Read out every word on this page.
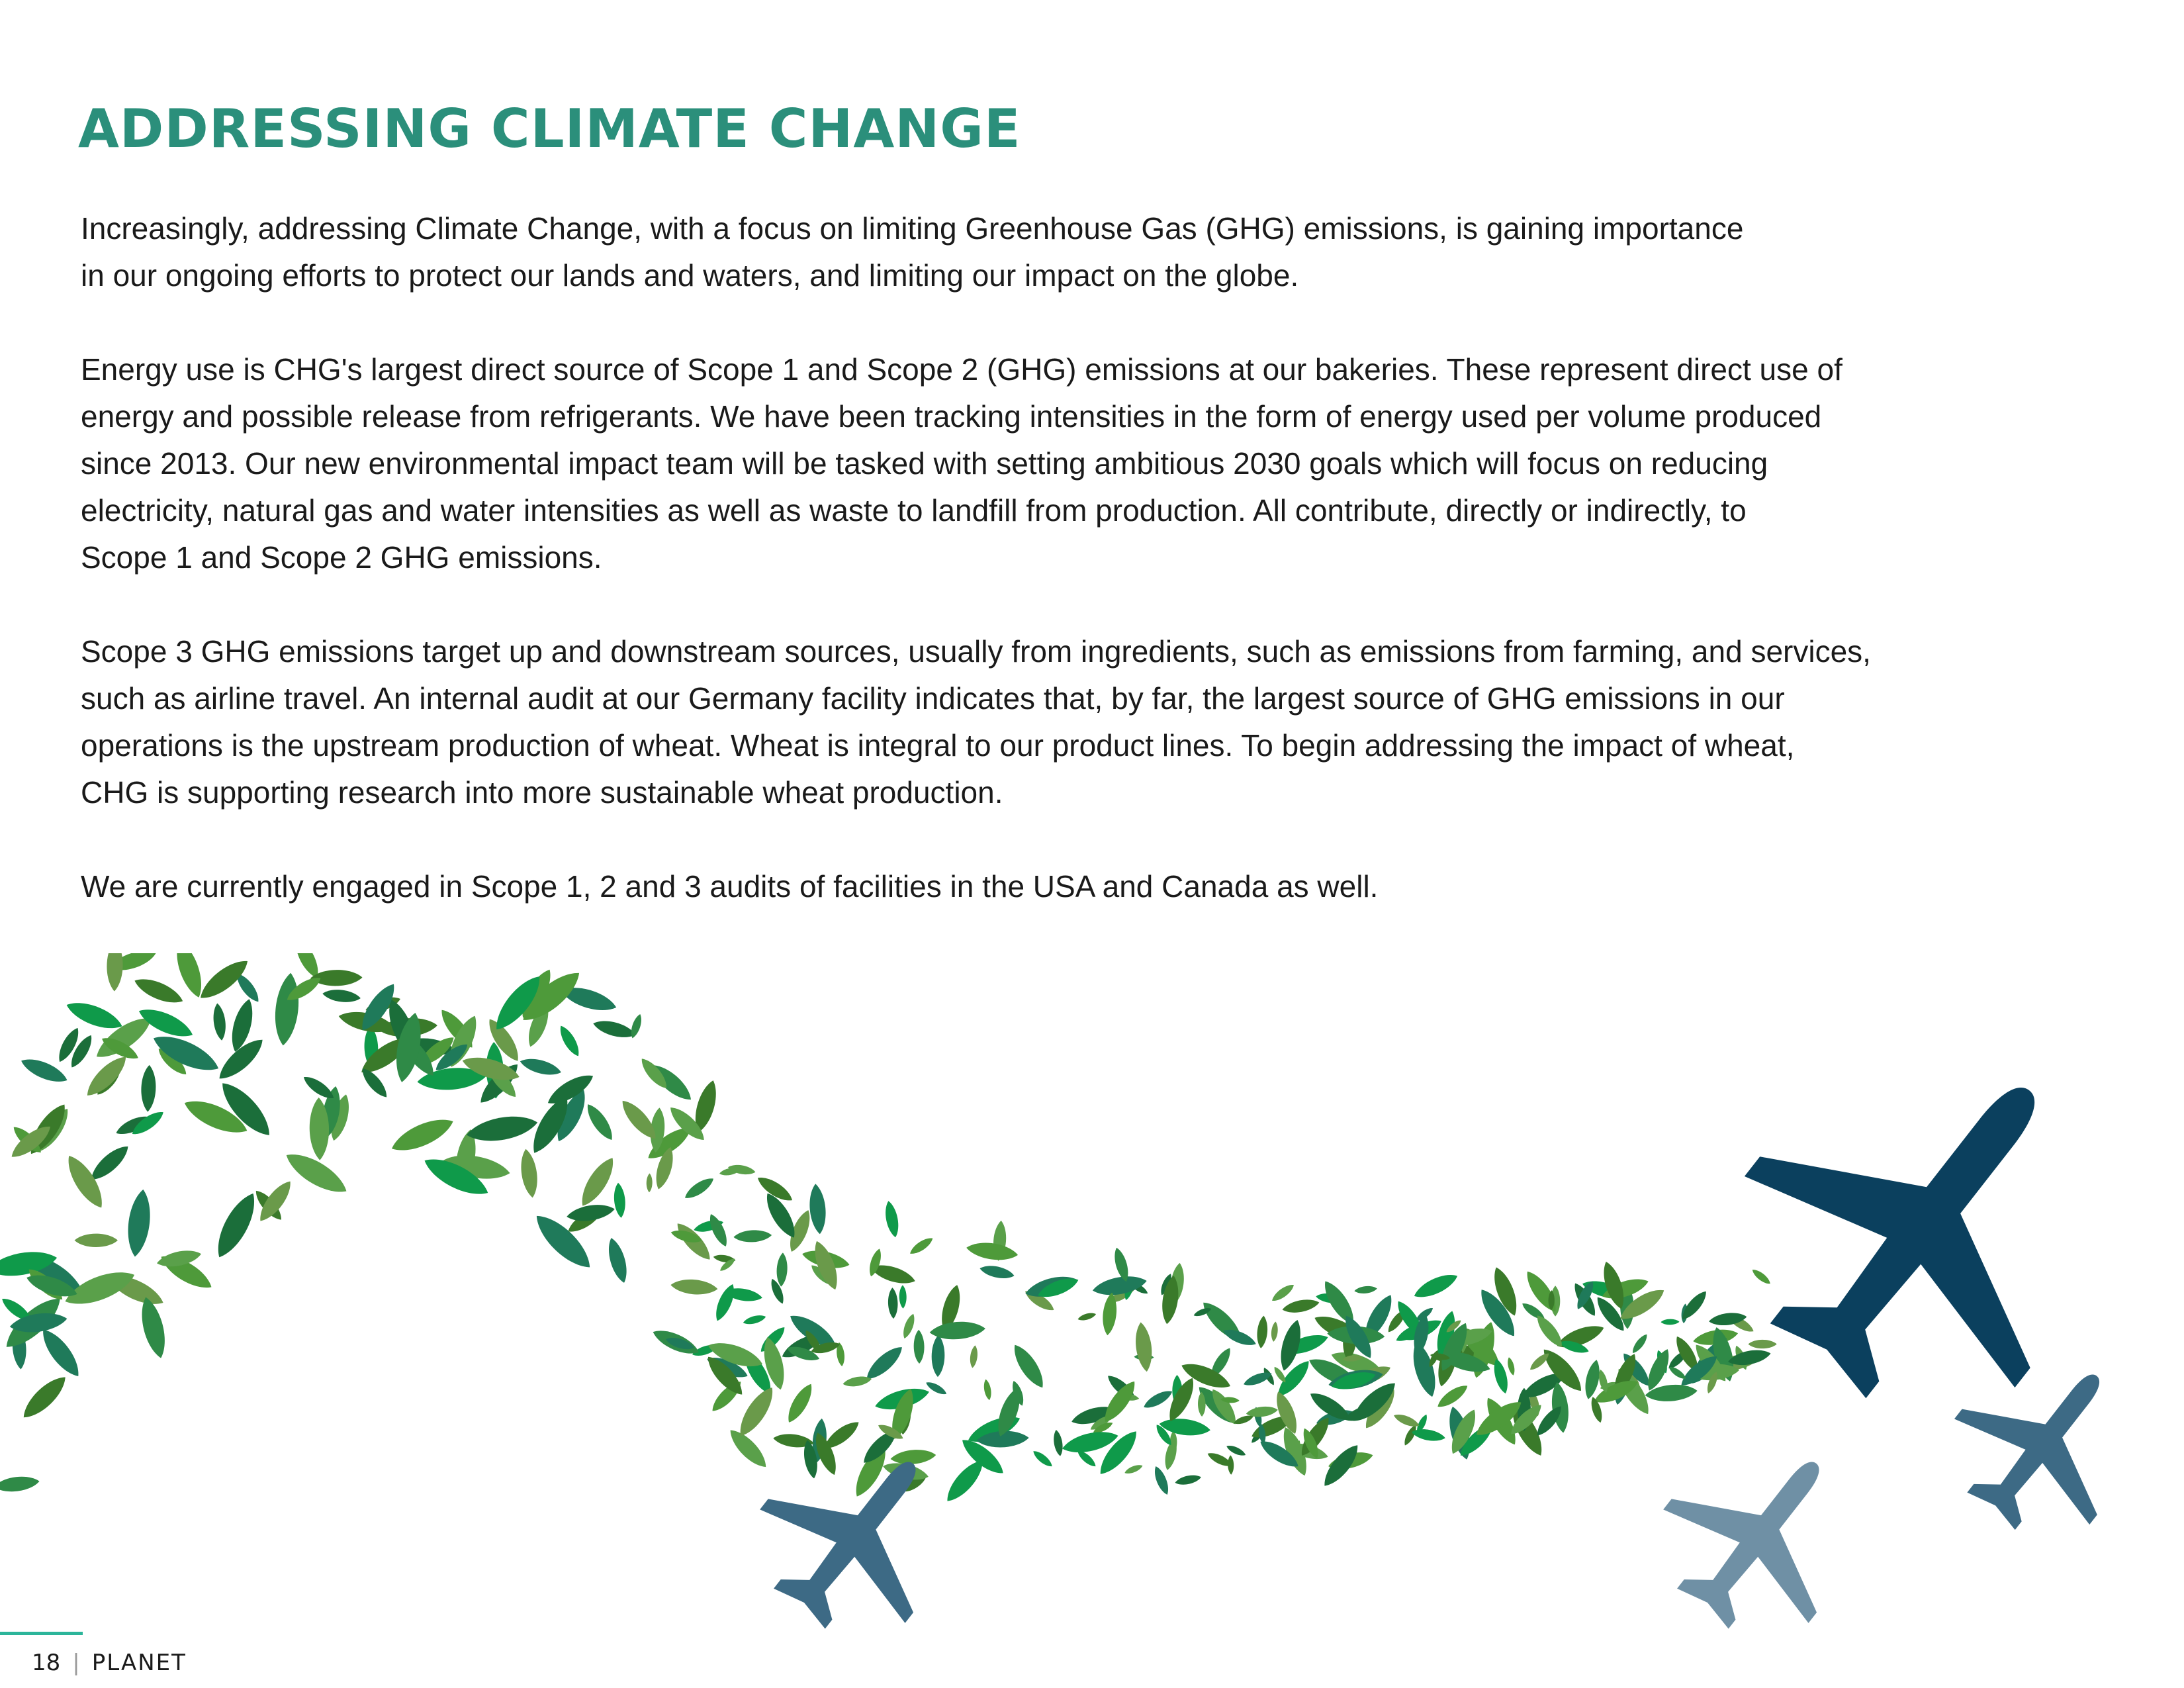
ADDRESSING CLIMATE CHANGE

Increasingly, addressing Climate Change, with a focus on limiting Greenhouse Gas (GHG) emissions, is gaining importance
in our ongoing efforts to protect our lands and waters, and limiting our impact on the globe.

Energy use is CHG's largest direct source of Scope 1 and Scope 2 (GHG) emissions at our bakeries. These represent direct use of
energy and possible release from refrigerants. We have been tracking intensities in the form of energy used per volume produced
since 2013. Our new environmental impact team will be tasked with setting ambitious 2030 goals which will focus on reducing
electricity, natural gas and water intensities as well as waste to landfill from production. All contribute, directly or indirectly, to
Scope 1 and Scope 2 GHG emissions.

Scope 3 GHG emissions target up and downstream sources, usually from ingredients, such as emissions from farming, and services,
such as airline travel. An internal audit at our Germany facility indicates that, by far, the largest source of GHG emissions in our
operations is the upstream production of wheat. Wheat is integral to our product lines. To begin addressing the impact of wheat,
CHG is supporting research into more sustainable wheat production.

We are currently engaged in Scope 1, 2 and 3 audits of facilities in the USA and Canada as well.

18 | PLANET
